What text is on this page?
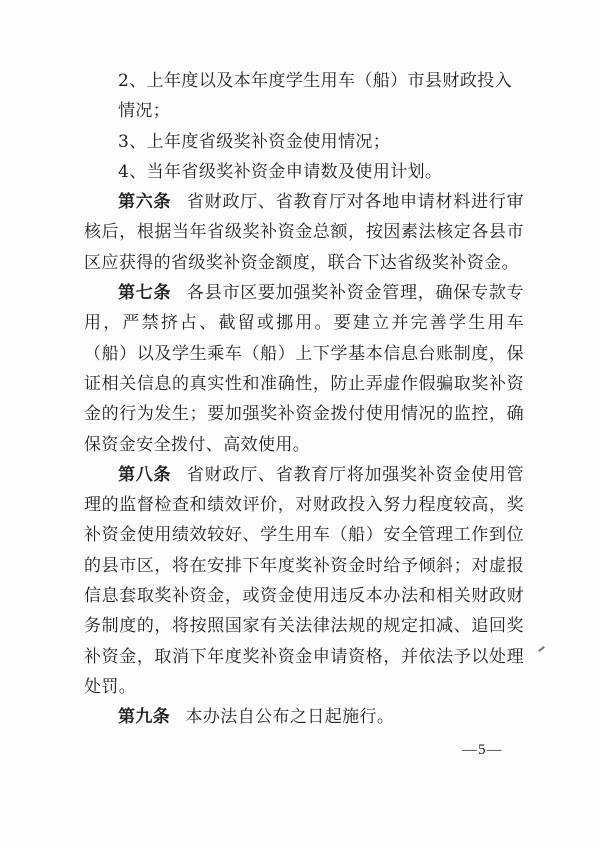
2、上年度以及本年度学生用车（船）市县财政投入情况；

3、上年度省级奖补资金使用情况；

4、当年省级奖补资金申请数及使用计划。

第六条 省财政厅、省教育厅对各地申请材料进行审核后，根据当年省级奖补资金总额，按因素法核定各县市区应获得的省级奖补资金额度，联合下达省级奖补资金。

第七条 各县市区要加强奖补资金管理，确保专款专用，严禁挤占、截留或挪用。要建立并完善学生用车（船）以及学生乘车（船）上下学基本信息台账制度，保证相关信息的真实性和准确性，防止弄虚作假骗取奖补资金的行为发生；要加强奖补资金拨付使用情况的监控，确保资金安全拨付、高效使用。

第八条 省财政厅、省教育厅将加强奖补资金使用管理的监督检查和绩效评价，对财政投入努力程度较高，奖补资金使用绩效较好、学生用车（船）安全管理工作到位的县市区，将在安排下年度奖补资金时给予倾斜；对虚报信息套取奖补资金，或资金使用违反本办法和相关财政财务制度的，将按照国家有关法律法规的规定扣减、追回奖补资金，取消下年度奖补资金申请资格，并依法予以处理处罚。

第九条 本办法自公布之日起施行。

—5—
